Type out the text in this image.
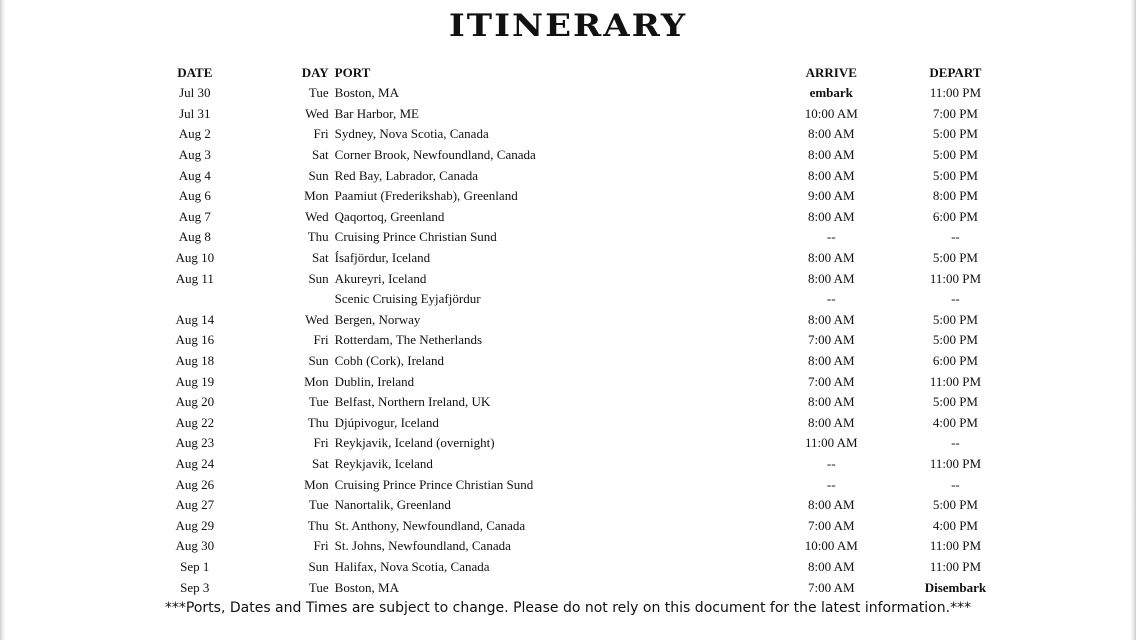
ITINERARY
DATE	DAY	PORT	ARRIVE	DEPART
Jul 30	Tue	Boston, MA	embark	11:00 PM
Jul 31	Wed	Bar Harbor, ME	10:00 AM	7:00 PM
Aug 2	Fri	Sydney, Nova Scotia, Canada	8:00 AM	5:00 PM
Aug 3	Sat	Corner Brook, Newfoundland, Canada	8:00 AM	5:00 PM
Aug 4	Sun	Red Bay, Labrador, Canada	8:00 AM	5:00 PM
Aug 6	Mon	Paamiut (Frederikshab), Greenland	9:00 AM	8:00 PM
Aug 7	Wed	Qaqortoq, Greenland	8:00 AM	6:00 PM
Aug 8	Thu	Cruising Prince Christian Sund	--	--
Aug 10	Sat	Ísafjördur, Iceland	8:00 AM	5:00 PM
Aug 11	Sun	Akureyri, Iceland	8:00 AM	11:00 PM
		Scenic Cruising Eyjafjördur	--	--
Aug 14	Wed	Bergen, Norway	8:00 AM	5:00 PM
Aug 16	Fri	Rotterdam, The Netherlands	7:00 AM	5:00 PM
Aug 18	Sun	Cobh (Cork), Ireland	8:00 AM	6:00 PM
Aug 19	Mon	Dublin, Ireland	7:00 AM	11:00 PM
Aug 20	Tue	Belfast, Northern Ireland, UK	8:00 AM	5:00 PM
Aug 22	Thu	Djúpivogur, Iceland	8:00 AM	4:00 PM
Aug 23	Fri	Reykjavik, Iceland (overnight)	11:00 AM	--
Aug 24	Sat	Reykjavik, Iceland	--	11:00 PM
Aug 26	Mon	Cruising Prince Prince Christian Sund	--	--
Aug 27	Tue	Nanortalik, Greenland	8:00 AM	5:00 PM
Aug 29	Thu	St. Anthony, Newfoundland, Canada	7:00 AM	4:00 PM
Aug 30	Fri	St. Johns, Newfoundland, Canada	10:00 AM	11:00 PM
Sep 1	Sun	Halifax, Nova Scotia, Canada	8:00 AM	11:00 PM
Sep 3	Tue	Boston, MA	7:00 AM	Disembark
***Ports, Dates and Times are subject to change. Please do not rely on this document for the latest information.***
